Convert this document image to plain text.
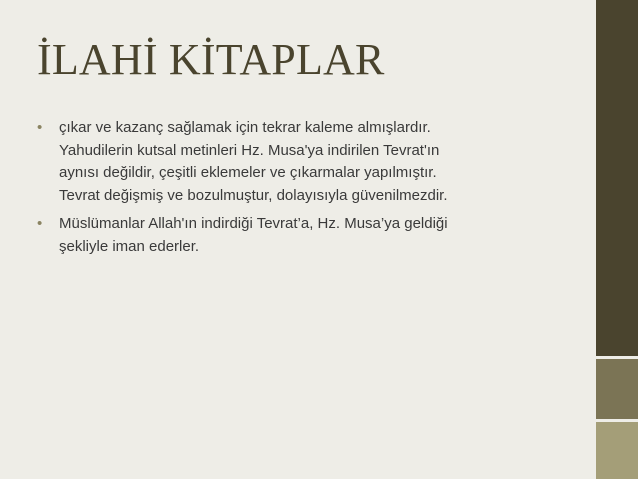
İLAHİ KİTAPLAR
• çıkar ve kazanç sağlamak için tekrar kaleme almışlardır.
Yahudilerin kutsal metinleri Hz. Musa'ya indirilen Tevrat'ın
aynısı değildir, çeşitli eklemeler ve çıkarmalar yapılmıştır.
Tevrat değişmiş ve bozulmuştur, dolayısıyla güvenilmezdir.
• Müslümanlar Allah'ın indirdiği Tevrat’a, Hz. Musa’ya geldiği
şekliyle iman ederler.
